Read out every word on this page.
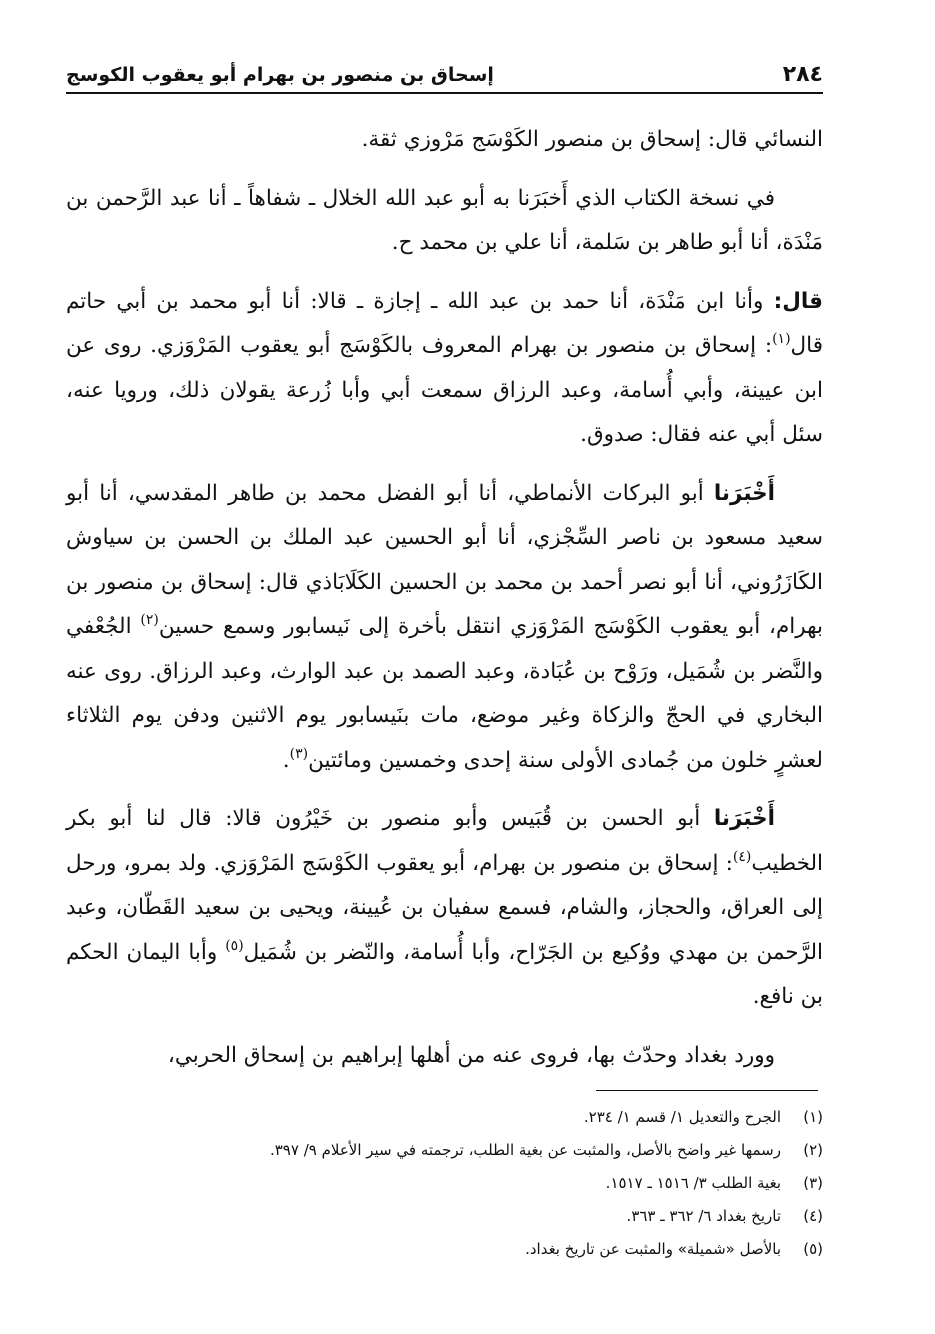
٢٨٤
إسحاق بن منصور بن بهرام أبو يعقوب الكوسج

النسائي قال: إسحاق بن منصور الكَوْسَج مَرْوزي ثقة.

في نسخة الكتاب الذي أَخبَرَنا به أبو عبد الله الخلال ـ شفاهاً ـ أنا عبد الرَّحمن بن مَنْدَة، أنا أبو طاهر بن سَلمة، أنا علي بن محمد ح.

قال: وأنا ابن مَنْدَة، أنا حمد بن عبد الله ـ إجازة ـ قالا: أنا أبو محمد بن أبي حاتم قال$^{(١)}$: إسحاق بن منصور بن بهرام المعروف بالكَوْسَج أبو يعقوب المَرْوَزي. روى عن ابن عيينة، وأبي أُسامة، وعبد الرزاق سمعت أبي وأبا زُرعة يقولان ذلك، ورويا عنه، سئل أبي عنه فقال: صدوق.

أَخْبَرَنا أبو البركات الأنماطي، أنا أبو الفضل محمد بن طاهر المقدسي، أنا أبو سعيد مسعود بن ناصر السِّجْزي، أنا أبو الحسين عبد الملك بن الحسن بن سياوش الكَازَرُوني، أنا أبو نصر أحمد بن محمد بن الحسين الكَلَابَاذي قال: إسحاق بن منصور بن بهرام، أبو يعقوب الكَوْسَج المَرْوَزي انتقل بأخرة إلى نَيسابور وسمع حسين$^{(٢)}$ الجُعْفي والنَّضر بن شُمَيل، ورَوْح بن عُبَادة، وعبد الصمد بن عبد الوارث، وعبد الرزاق. روى عنه البخاري في الحجّ والزكاة وغير موضع، مات بنَيسابور يوم الاثنين ودفن يوم الثلاثاء لعشرٍ خلون من جُمادى الأولى سنة إحدى وخمسين ومائتين$^{(٣)}$.

أَخْبَرَنا أبو الحسن بن قُبَيس وأبو منصور بن خَيْرُون قالا: قال لنا أبو بكر الخطيب$^{(٤)}$: إسحاق بن منصور بن بهرام، أبو يعقوب الكَوْسَج المَرْوَزي. ولد بمرو، ورحل إلى العراق، والحجاز، والشام، فسمع سفيان بن عُيينة، ويحيى بن سعيد القَطّان، وعبد الرَّحمن بن مهدي ووُكيع بن الجَرّاح، وأبا أُسامة، والنّضر بن شُمَيل$^{(٥)}$ وأبا اليمان الحكم بن نافع.

وورد بغداد وحدّث بها، فروى عنه من أهلها إبراهيم بن إسحاق الحربي،

(١)
الجرح والتعديل ١/ قسم ١/ ٢٣٤.
(٢)
رسمها غير واضح بالأصل، والمثبت عن بغية الطلب، ترجمته في سير الأعلام ٩/ ٣٩٧.
(٣)
بغية الطلب ٣/ ١٥١٦ ـ ١٥١٧.
(٤)
تاريخ بغداد ٦/ ٣٦٢ ـ ٣٦٣.
(٥)
بالأصل «شميلة» والمثبت عن تاريخ بغداد.
